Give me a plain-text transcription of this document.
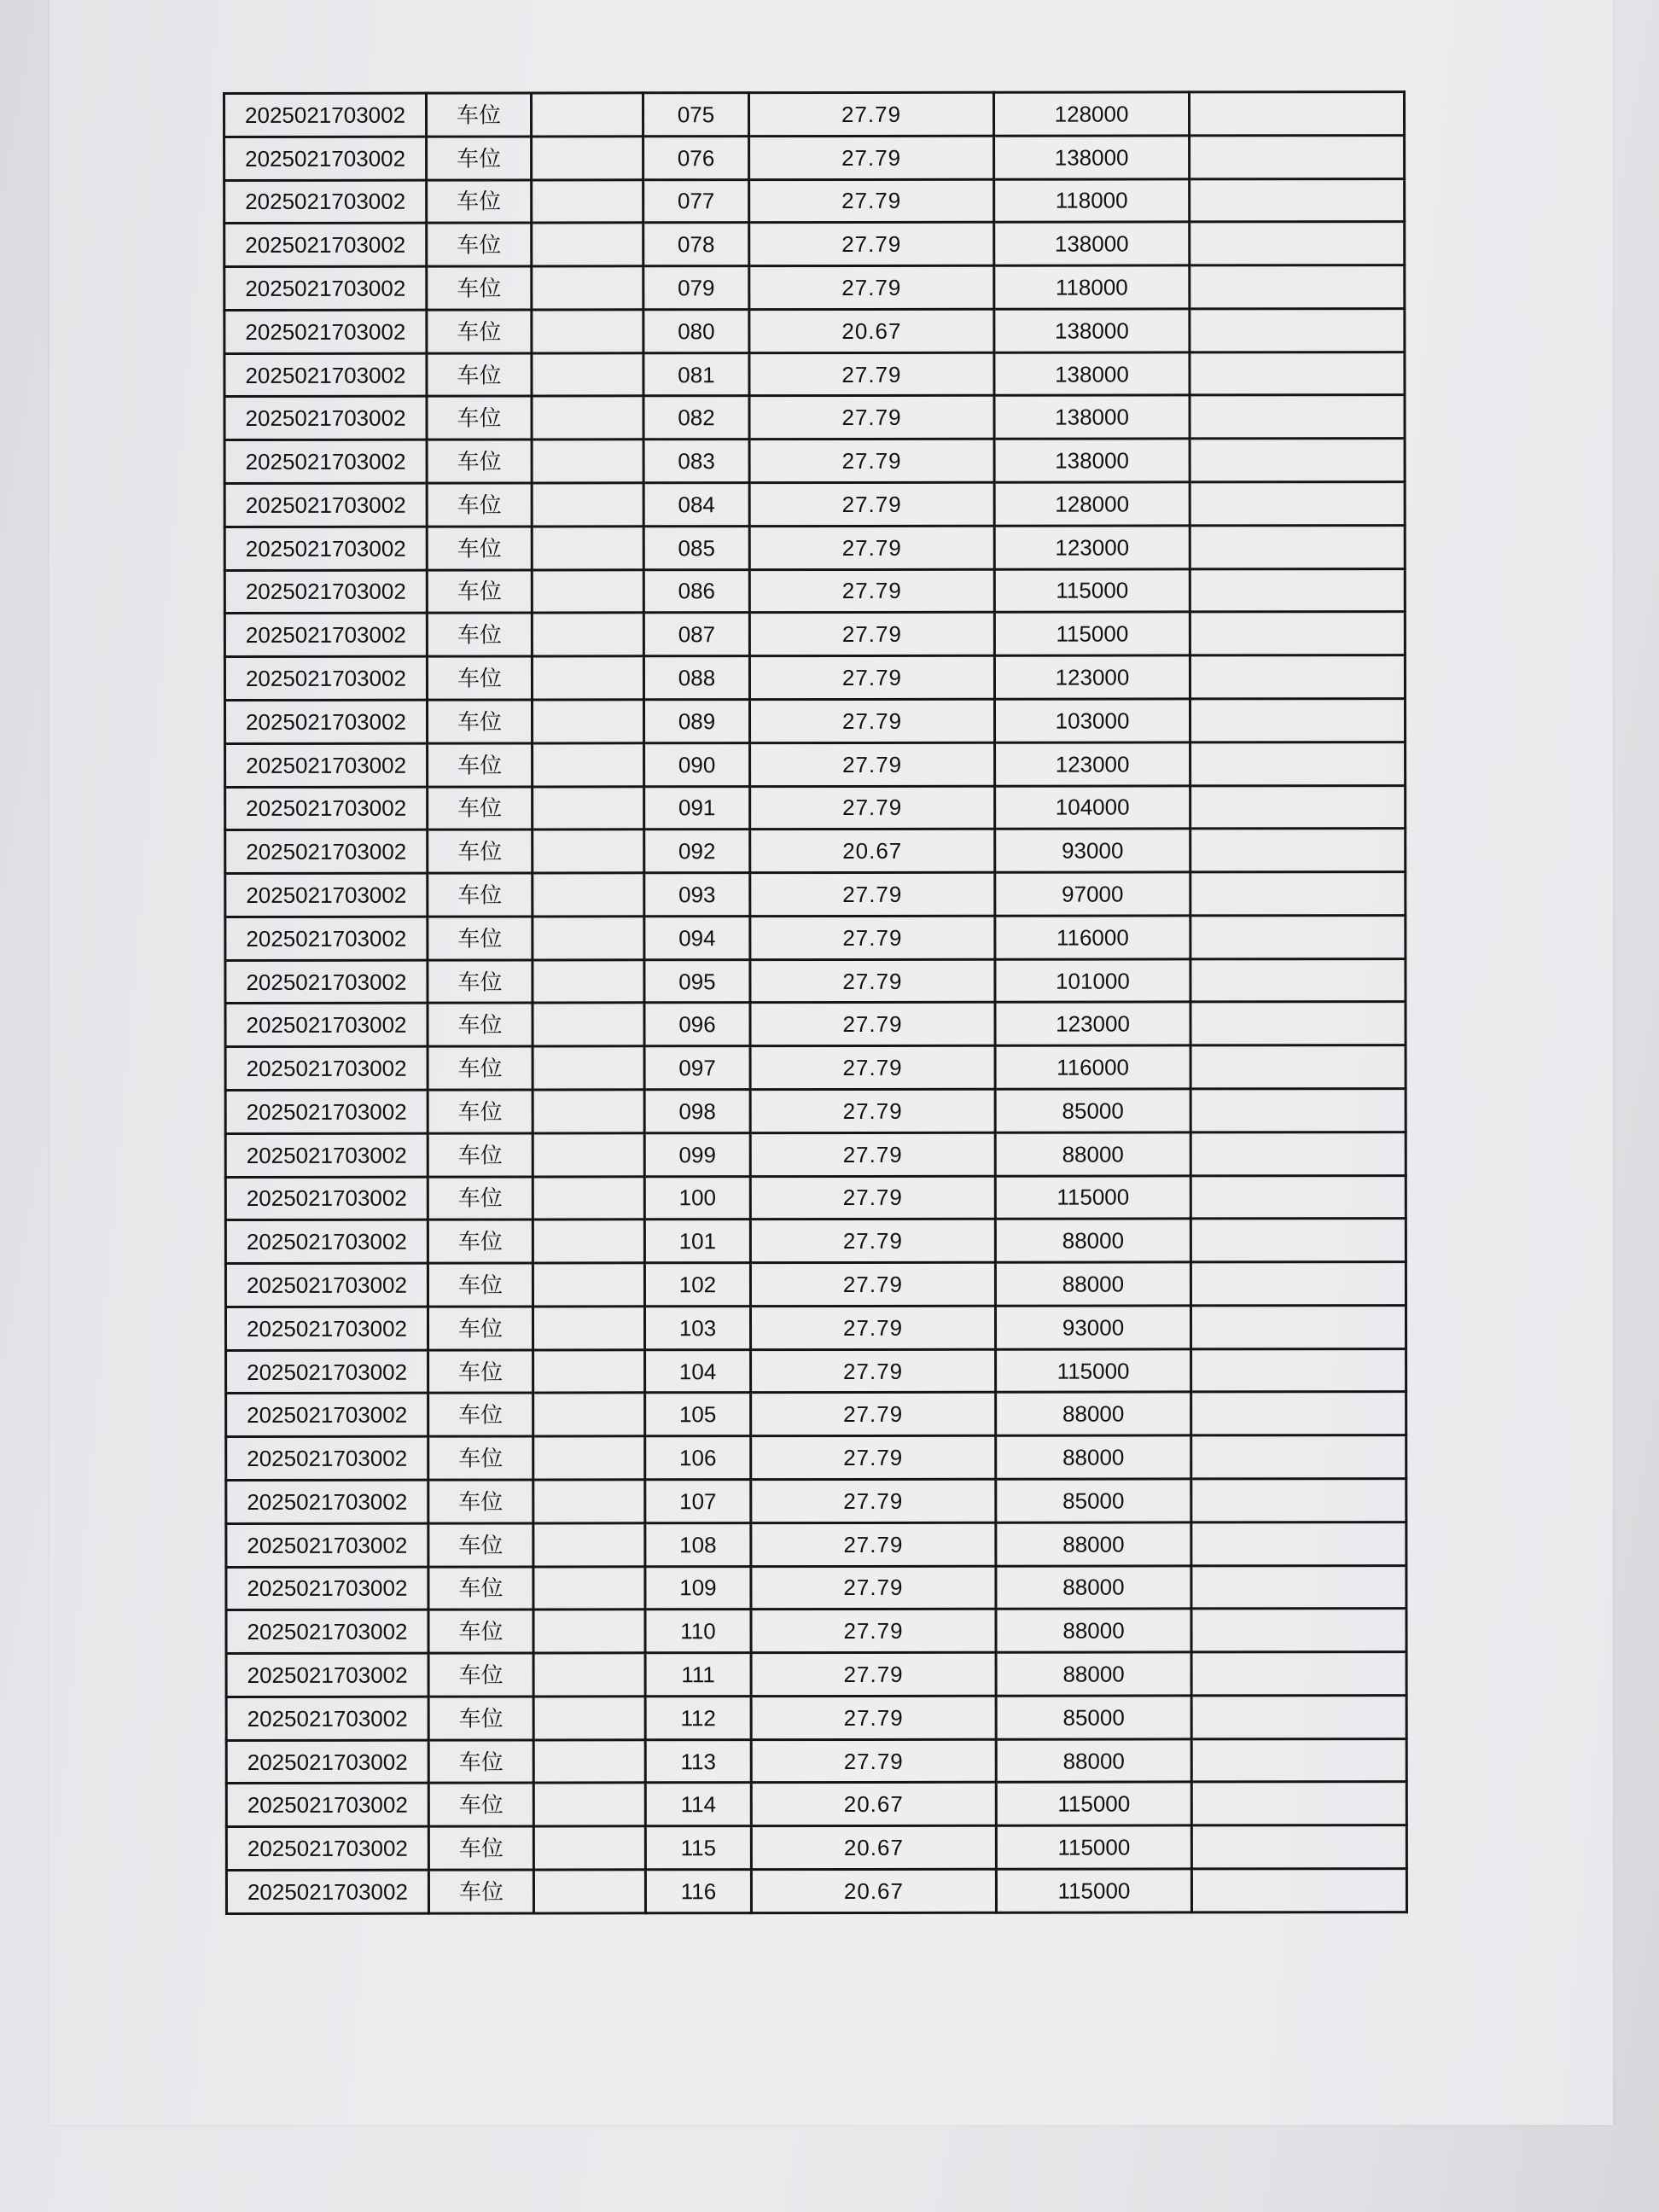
2025021703002	车位		075	27.79	128000	
2025021703002	车位		076	27.79	138000	
2025021703002	车位		077	27.79	118000	
2025021703002	车位		078	27.79	138000	
2025021703002	车位		079	27.79	118000	
2025021703002	车位		080	20.67	138000	
2025021703002	车位		081	27.79	138000	
2025021703002	车位		082	27.79	138000	
2025021703002	车位		083	27.79	138000	
2025021703002	车位		084	27.79	128000	
2025021703002	车位		085	27.79	123000	
2025021703002	车位		086	27.79	115000	
2025021703002	车位		087	27.79	115000	
2025021703002	车位		088	27.79	123000	
2025021703002	车位		089	27.79	103000	
2025021703002	车位		090	27.79	123000	
2025021703002	车位		091	27.79	104000	
2025021703002	车位		092	20.67	93000	
2025021703002	车位		093	27.79	97000	
2025021703002	车位		094	27.79	116000	
2025021703002	车位		095	27.79	101000	
2025021703002	车位		096	27.79	123000	
2025021703002	车位		097	27.79	116000	
2025021703002	车位		098	27.79	85000	
2025021703002	车位		099	27.79	88000	
2025021703002	车位		100	27.79	115000	
2025021703002	车位		101	27.79	88000	
2025021703002	车位		102	27.79	88000	
2025021703002	车位		103	27.79	93000	
2025021703002	车位		104	27.79	115000	
2025021703002	车位		105	27.79	88000	
2025021703002	车位		106	27.79	88000	
2025021703002	车位		107	27.79	85000	
2025021703002	车位		108	27.79	88000	
2025021703002	车位		109	27.79	88000	
2025021703002	车位		110	27.79	88000	
2025021703002	车位		111	27.79	88000	
2025021703002	车位		112	27.79	85000	
2025021703002	车位		113	27.79	88000	
2025021703002	车位		114	20.67	115000	
2025021703002	车位		115	20.67	115000	
2025021703002	车位		116	20.67	115000	
